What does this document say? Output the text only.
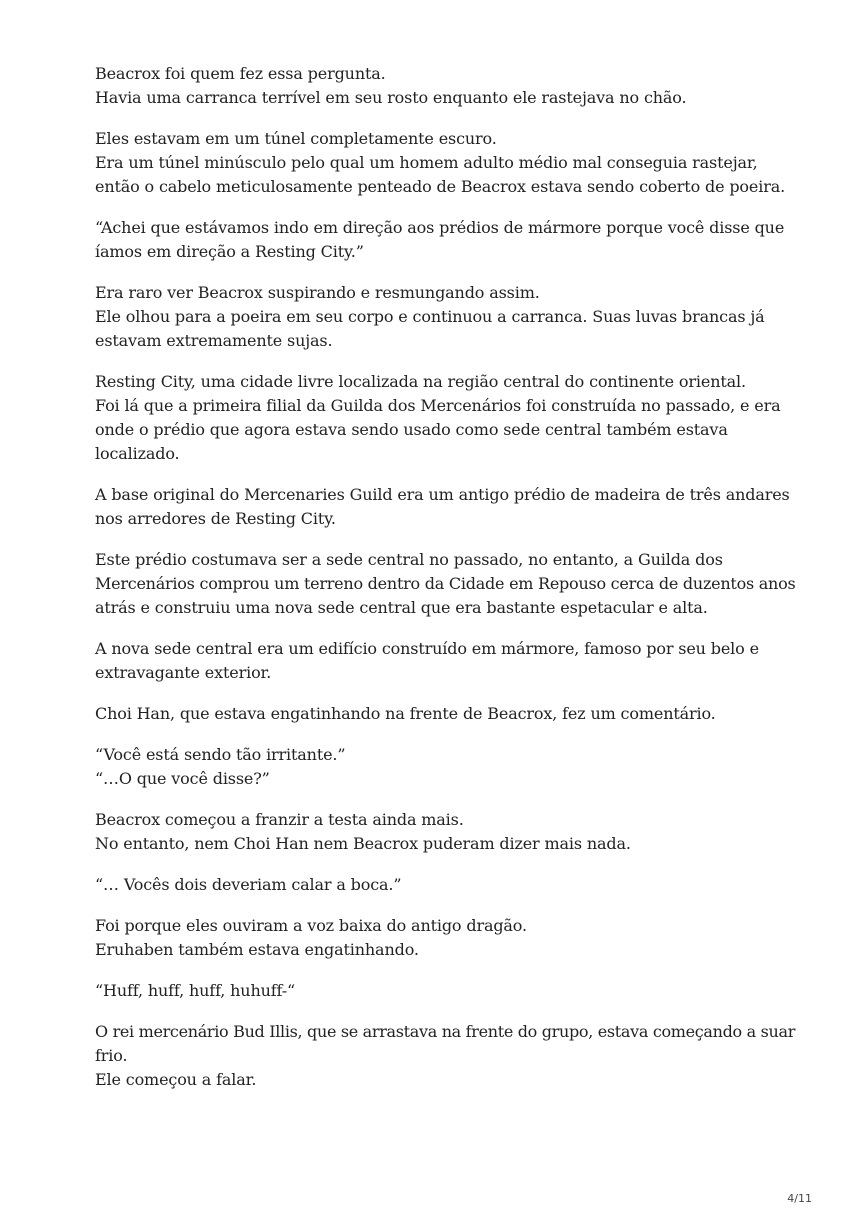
Beacrox foi quem fez essa pergunta.
Havia uma carranca terrível em seu rosto enquanto ele rastejava no chão.

Eles estavam em um túnel completamente escuro.
Era um túnel minúsculo pelo qual um homem adulto médio mal conseguia rastejar,
então o cabelo meticulosamente penteado de Beacrox estava sendo coberto de poeira.

“Achei que estávamos indo em direção aos prédios de mármore porque você disse que
íamos em direção a Resting City.”

Era raro ver Beacrox suspirando e resmungando assim.
Ele olhou para a poeira em seu corpo e continuou a carranca. Suas luvas brancas já
estavam extremamente sujas.

Resting City, uma cidade livre localizada na região central do continente oriental.
Foi lá que a primeira filial da Guilda dos Mercenários foi construída no passado, e era
onde o prédio que agora estava sendo usado como sede central também estava
localizado.

A base original do Mercenaries Guild era um antigo prédio de madeira de três andares
nos arredores de Resting City.

Este prédio costumava ser a sede central no passado, no entanto, a Guilda dos
Mercenários comprou um terreno dentro da Cidade em Repouso cerca de duzentos anos
atrás e construiu uma nova sede central que era bastante espetacular e alta.

A nova sede central era um edifício construído em mármore, famoso por seu belo e
extravagante exterior.

Choi Han, que estava engatinhando na frente de Beacrox, fez um comentário.

“Você está sendo tão irritante.”
“…O que você disse?”

Beacrox começou a franzir a testa ainda mais.
No entanto, nem Choi Han nem Beacrox puderam dizer mais nada.

“… Vocês dois deveriam calar a boca.”

Foi porque eles ouviram a voz baixa do antigo dragão.
Eruhaben também estava engatinhando.

“Huff, huff, huff, huhuff-“

O rei mercenário Bud Illis, que se arrastava na frente do grupo, estava começando a suar
frio.
Ele começou a falar.

4/11
